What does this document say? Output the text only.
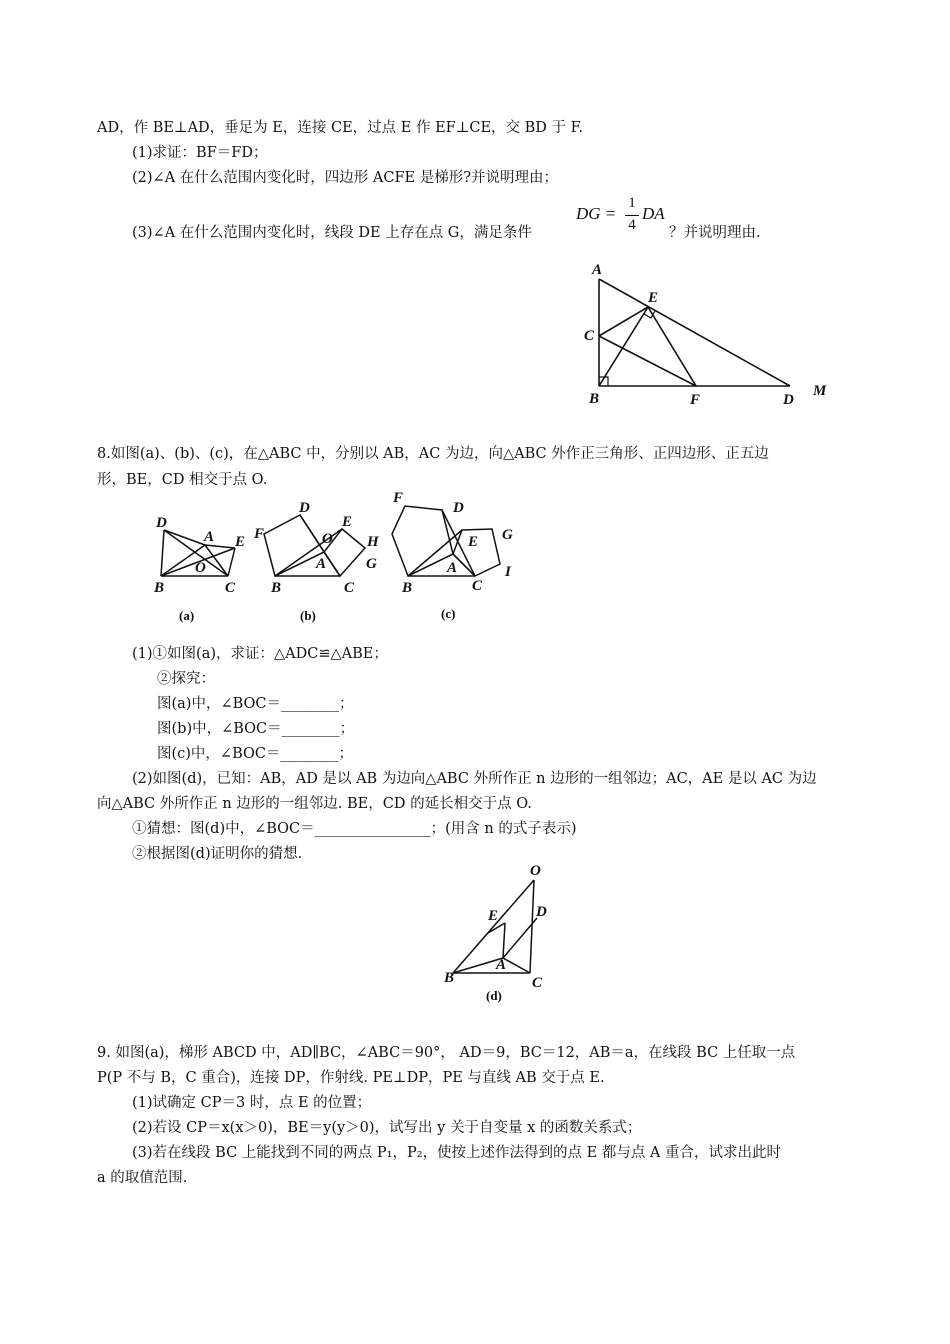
AD，作 BE⊥AD，垂足为 E，连接 CE，过点 E 作 EF⊥CE，交 BD 于 F.
(1)求证：BF＝FD；
(2)∠A 在什么范围内变化时，四边形 ACFE 是梯形?并说明理由；
(3)∠A 在什么范围内变化时，线段 DE 上存在点 G，满足条件
DG =
1
4
DA
？并说明理由.
A
E
C
B	F	D
M
8.如图(a)、(b)、(c)，在△ABC 中，分别以 AB，AC 为边，向△ABC 外作正三角形、正四边形、正五边
形，BE，CD 相交于点 O.
D
A E
O
B	C
(a)
D
F
E
O H
A	G
B	C
(b)
F
D
E G
A	I
B	C
(c)
(1)①如图(a)，求证：△ADC≌△ABE；
②探究：
图(a)中，∠BOC＝________；
图(b)中，∠BOC＝________；
图(c)中，∠BOC＝________；
(2)如图(d)，已知：AB，AD 是以 AB 为边向△ABC 外所作正 n 边形的一组邻边；AC，AE 是以 AC 为边
向△ABC 外所作正 n 边形的一组邻边. BE，CD 的延长相交于点 O.
①猜想：图(d)中，∠BOC＝________________；(用含 n 的式子表示)
②根据图(d)证明你的猜想.
O
E	D
A
B	C
(d)
9. 如图(a)，梯形 ABCD 中，AD∥BC，∠ABC＝90°， AD＝9，BC＝12，AB＝a，在线段 BC 上任取一点
P(P 不与 B，C 重合)，连接 DP，作射线. PE⊥DP，PE 与直线 AB 交于点 E.
(1)试确定 CP＝3 时，点 E 的位置；
(2)若设 CP＝x(x＞0)，BE＝y(y＞0)，试写出 y 关于自变量 x 的函数关系式；
(3)若在线段 BC 上能找到不同的两点 P₁，P₂，使按上述作法得到的点 E 都与点 A 重合，试求出此时
a 的取值范围.
